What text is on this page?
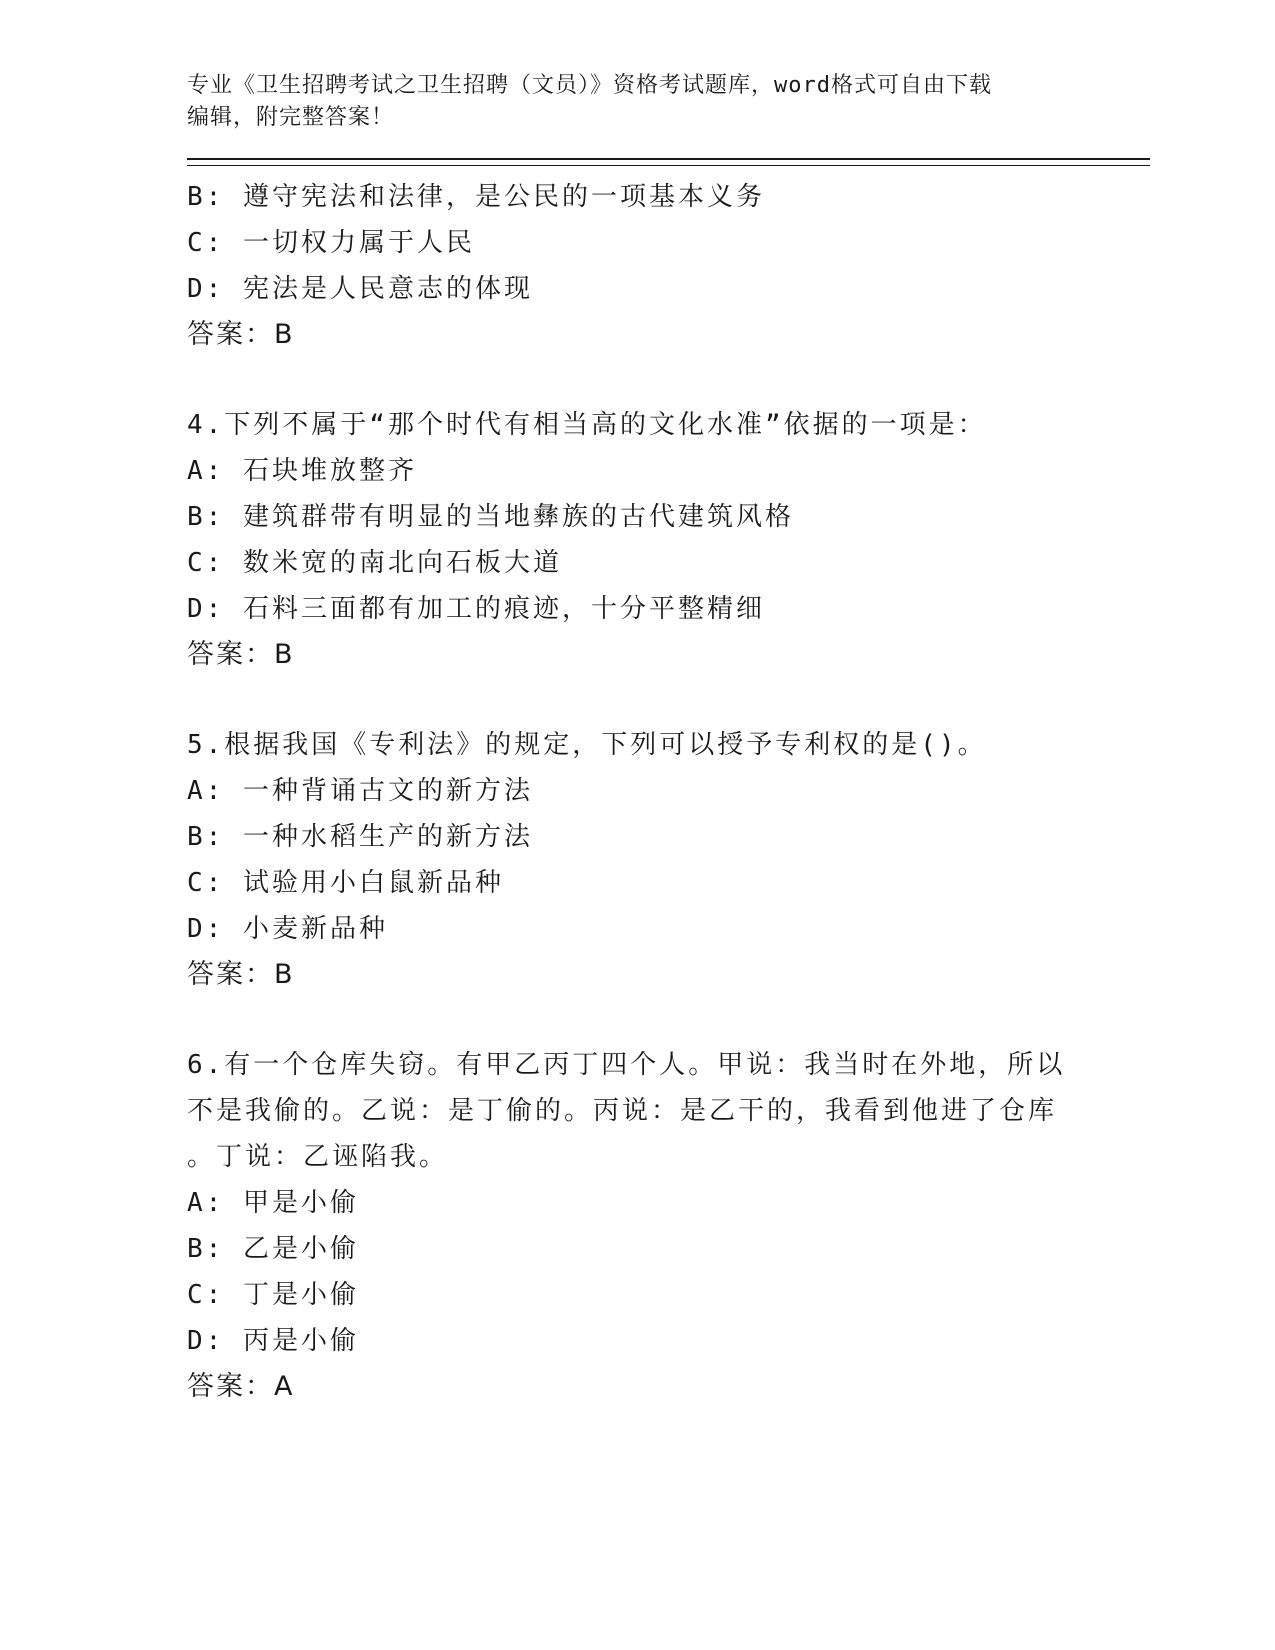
专业《卫生招聘考试之卫生招聘（文员）》资格考试题库，word格式可自由下载
编辑，附完整答案！
B: 遵守宪法和法律，是公民的一项基本义务
C: 一切权力属于人民
D: 宪法是人民意志的体现
答案：B
4.下列不属于“那个时代有相当高的文化水准”依据的一项是：
A: 石块堆放整齐
B: 建筑群带有明显的当地彝族的古代建筑风格
C: 数米宽的南北向石板大道
D: 石料三面都有加工的痕迹，十分平整精细
答案：B
5.根据我国《专利法》的规定，下列可以授予专利权的是()。
A: 一种背诵古文的新方法
B: 一种水稻生产的新方法
C: 试验用小白鼠新品种
D: 小麦新品种
答案：B
6.有一个仓库失窃。有甲乙丙丁四个人。甲说：我当时在外地，所以
不是我偷的。乙说：是丁偷的。丙说：是乙干的，我看到他进了仓库
。丁说：乙诬陷我。
A: 甲是小偷
B: 乙是小偷
C: 丁是小偷
D: 丙是小偷
答案：A
